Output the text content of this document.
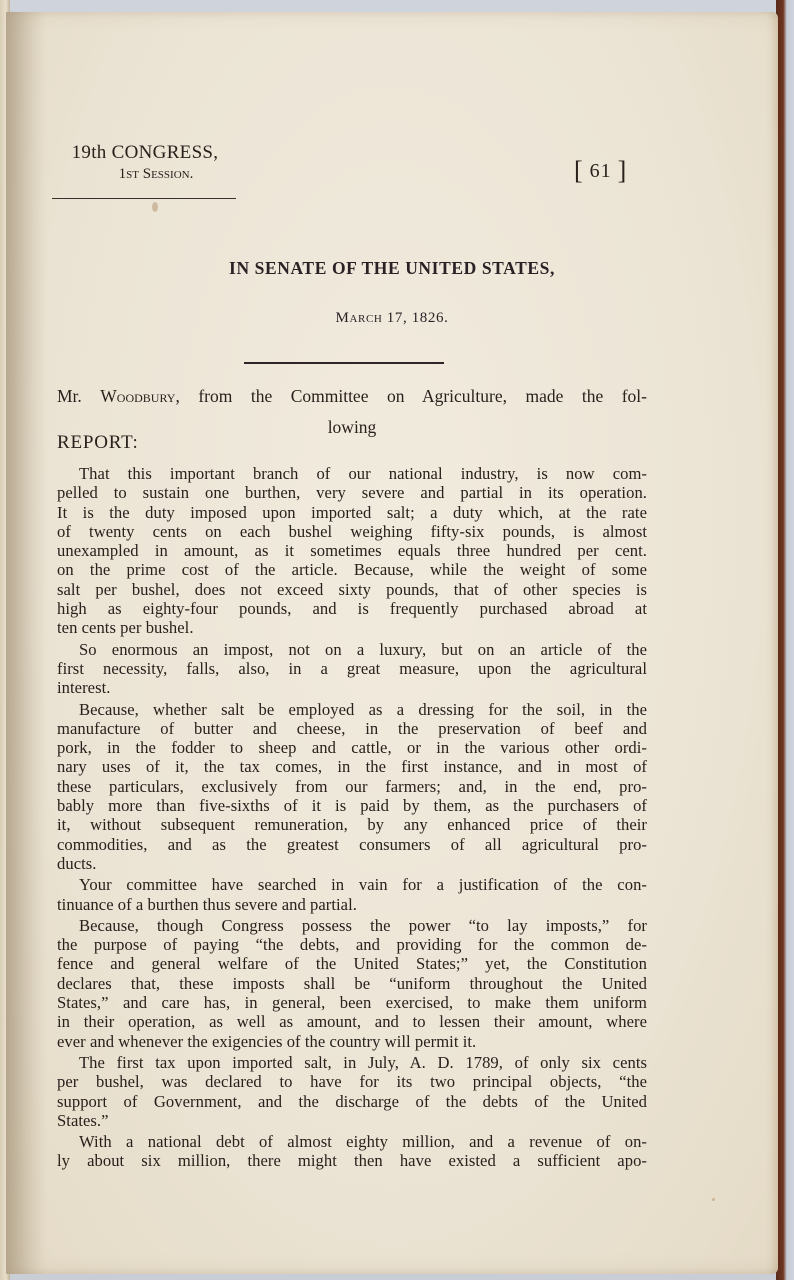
19th CONGRESS,
1st Session.	[ 61 ]
IN SENATE OF THE UNITED STATES,
March 17, 1826.
Mr. Woodbury, from the Committee on Agriculture, made the fol-
lowing
REPORT:
That this important branch of our national industry, is now com-
pelled to sustain one burthen, very severe and partial in its operation.
It is the duty imposed upon imported salt; a duty which, at the rate
of twenty cents on each bushel weighing fifty-six pounds, is almost
unexampled in amount, as it sometimes equals three hundred per cent.
on the prime cost of the article. Because, while the weight of some
salt per bushel, does not exceed sixty pounds, that of other species is
high as eighty-four pounds, and is frequently purchased abroad at
ten cents per bushel.
So enormous an impost, not on a luxury, but on an article of the
first necessity, falls, also, in a great measure, upon the agricultural
interest.
Because, whether salt be employed as a dressing for the soil, in the
manufacture of butter and cheese, in the preservation of beef and
pork, in the fodder to sheep and cattle, or in the various other ordi-
nary uses of it, the tax comes, in the first instance, and in most of
these particulars, exclusively from our farmers; and, in the end, pro-
bably more than five-sixths of it is paid by them, as the purchasers of
it, without subsequent remuneration, by any enhanced price of their
commodities, and as the greatest consumers of all agricultural pro-
ducts.
Your committee have searched in vain for a justification of the con-
tinuance of a burthen thus severe and partial.
Because, though Congress possess the power “to lay imposts,” for
the purpose of paying “the debts, and providing for the common de-
fence and general welfare of the United States;” yet, the Constitution
declares that, these imposts shall be “uniform throughout the United
States,” and care has, in general, been exercised, to make them uniform
in their operation, as well as amount, and to lessen their amount, where
ever and whenever the exigencies of the country will permit it.
The first tax upon imported salt, in July, A. D. 1789, of only six cents
per bushel, was declared to have for its two principal objects, “the
support of Government, and the discharge of the debts of the United
States.”
With a national debt of almost eighty million, and a revenue of on-
ly about six million, there might then have existed a sufficient apo-
